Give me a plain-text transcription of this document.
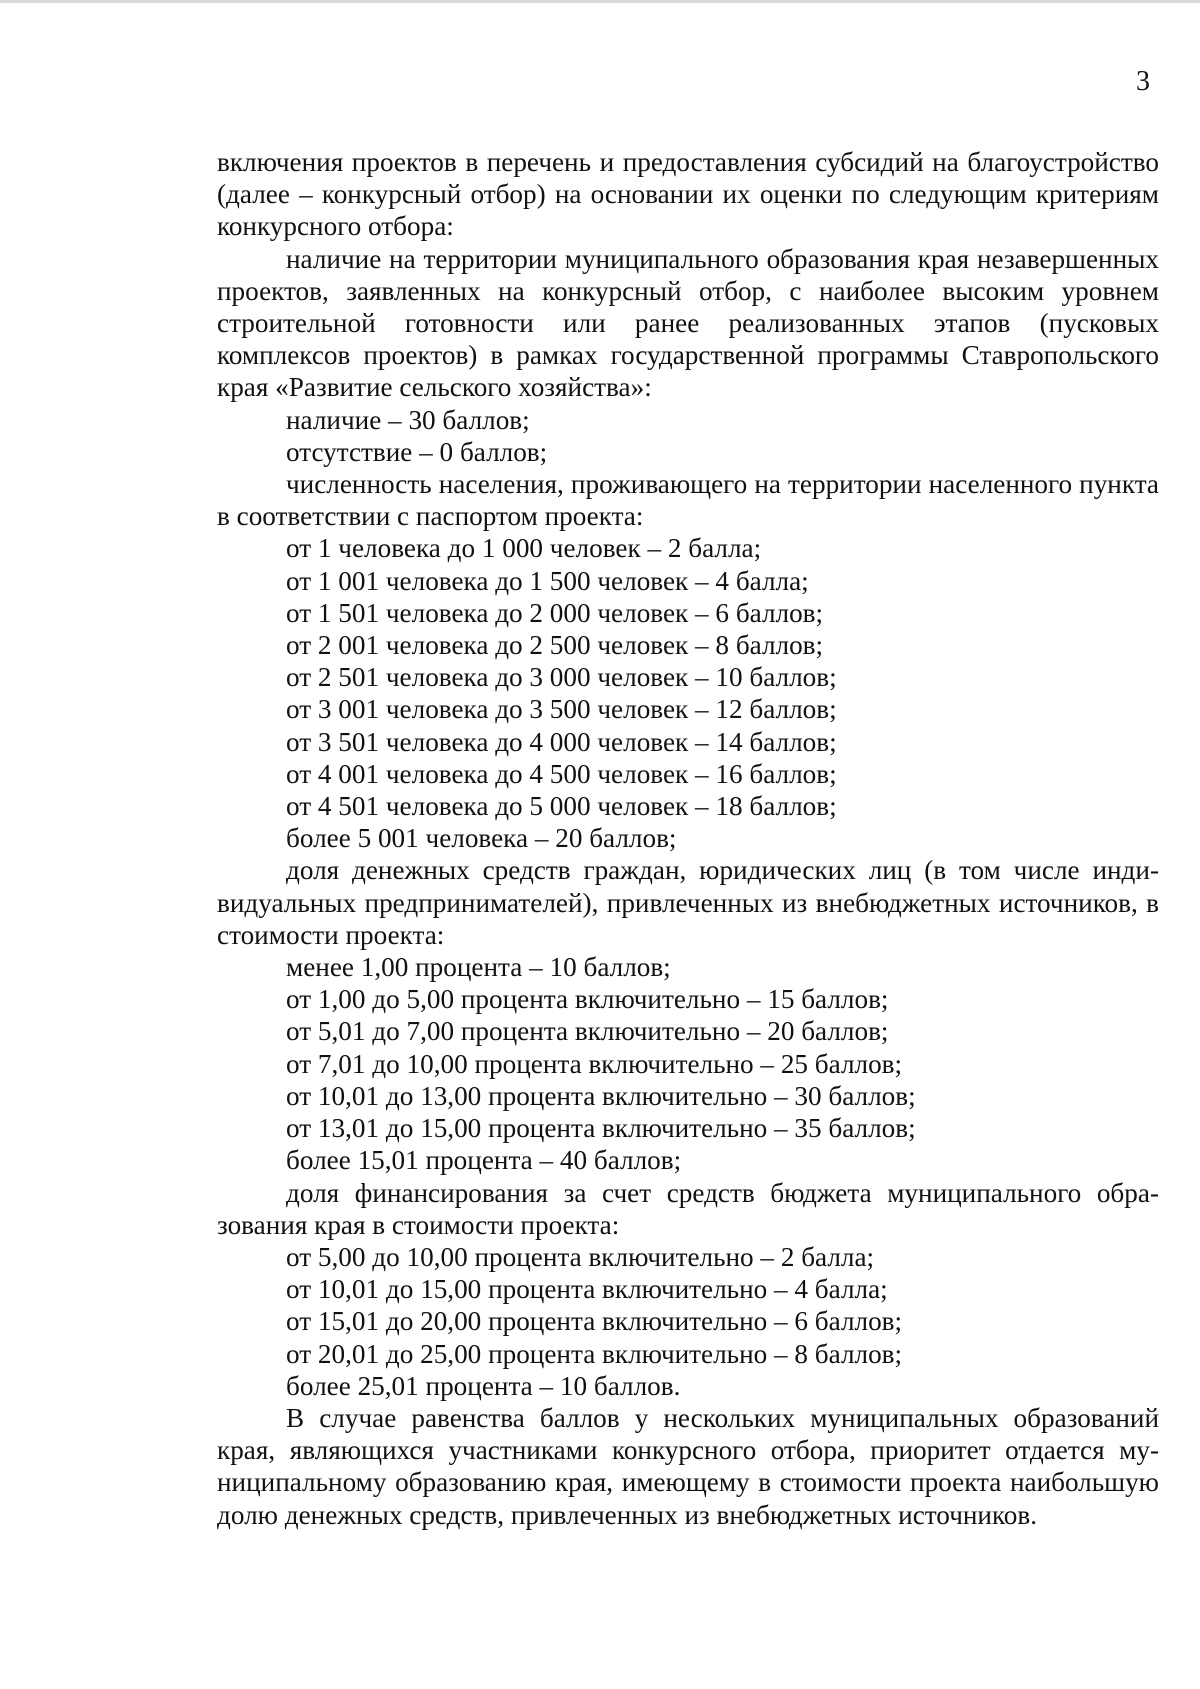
3

включения проектов в перечень и предоставления субсидий на благоустройство (далее – конкурсный отбор) на основании их оценки по следующим критериям конкурсного отбора:

наличие на территории муниципального образования края незавершенных проектов, заявленных на конкурсный отбор, с наиболее высоким уровнем строительной готовности или ранее реализованных этапов (пусковых комплексов проектов) в рамках государственной программы Ставропольского края «Развитие сельского хозяйства»:

наличие – 30 баллов;

отсутствие – 0 баллов;

численность населения, проживающего на территории населенного пункта в соответствии с паспортом проекта:

от 1 человека до 1 000 человек – 2 балла;

от 1 001 человека до 1 500 человек – 4 балла;

от 1 501 человека до 2 000 человек – 6 баллов;

от 2 001 человека до 2 500 человек – 8 баллов;

от 2 501 человека до 3 000 человек – 10 баллов;

от 3 001 человека до 3 500 человек – 12 баллов;

от 3 501 человека до 4 000 человек – 14 баллов;

от 4 001 человека до 4 500 человек – 16 баллов;

от 4 501 человека до 5 000 человек – 18 баллов;

более 5 001 человека – 20 баллов;

доля денежных средств граждан, юридических лиц (в том числе индивидуальных предпринимателей), привлеченных из внебюджетных источников, в стоимости проекта:

менее 1,00 процента – 10 баллов;

от 1,00 до 5,00 процента включительно – 15 баллов;

от 5,01 до 7,00 процента включительно – 20 баллов;

от 7,01 до 10,00 процента включительно – 25 баллов;

от 10,01 до 13,00 процента включительно – 30 баллов;

от 13,01 до 15,00 процента включительно – 35 баллов;

более 15,01 процента – 40 баллов;

доля финансирования за счет средств бюджета муниципального образования края в стоимости проекта:

от 5,00 до 10,00 процента включительно – 2 балла;

от 10,01 до 15,00 процента включительно – 4 балла;

от 15,01 до 20,00 процента включительно – 6 баллов;

от 20,01 до 25,00 процента включительно – 8 баллов;

более 25,01 процента – 10 баллов.

В случае равенства баллов у нескольких муниципальных образований края, являющихся участниками конкурсного отбора, приоритет отдается муниципальному образованию края, имеющему в стоимости проекта наибольшую долю денежных средств, привлеченных из внебюджетных источников.
